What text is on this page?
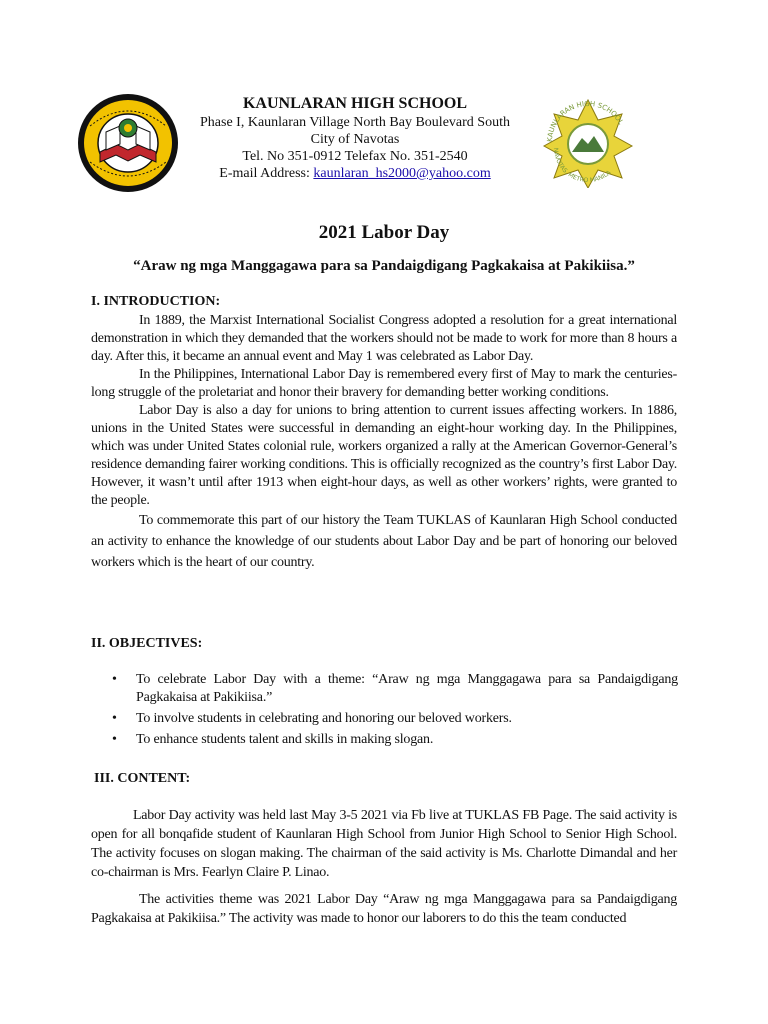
KAUNLARAN HIGH SCHOOL
Phase I, Kaunlaran Village North Bay Boulevard South
City of Navotas
Tel. No 351-0912 Telefax No. 351-2540
E-mail Address: kaunlaran_hs2000@yahoo.com
KAUNLARAN HIGH SCHOOL
NAVOTAS, METRO MANILA
2021 Labor Day
“Araw ng mga Manggagawa para sa Pandaigdigang Pagkakaisa at Pakikiisa.”
I. INTRODUCTION:

In 1889, the Marxist International Socialist Congress adopted a resolution for a great international demonstration in which they demanded that the workers should not be made to work for more than 8 hours a day. After this, it became an annual event and May 1 was celebrated as Labor Day.

In the Philippines, International Labor Day is remembered every first of May to mark the centuries-long struggle of the proletariat and honor their bravery for demanding better working conditions.

Labor Day is also a day for unions to bring attention to current issues affecting workers. In 1886, unions in the United States were successful in demanding an eight-hour working day. In the Philippines, which was under United States colonial rule, workers organized a rally at the American Governor-General’s residence demanding fairer working conditions. This is officially recognized as the country’s first Labor Day. However, it wasn’t until after 1913 when eight-hour days, as well as other workers’ rights, were granted to the people.

To commemorate this part of our history the Team TUKLAS of Kaunlaran High School conducted an activity to enhance the knowledge of our students about Labor Day and be part of honoring our beloved workers which is the heart of our country.

II. OBJECTIVES:
• To celebrate Labor Day with a theme: “Araw ng mga Manggagawa para sa Pandaigdigang Pagkakaisa at Pakikiisa.”
• To involve students in celebrating and honoring our beloved workers.
• To enhance students talent and skills in making slogan.
III. CONTENT:

Labor Day activity was held last May 3-5 2021 via Fb live at TUKLAS FB Page. The said activity is open for all bonqafide student of Kaunlaran High School from Junior High School to Senior High School. The activity focuses on slogan making. The chairman of the said activity is Ms. Charlotte Dimandal and her co-chairman is Mrs. Fearlyn Claire P. Linao.

The activities theme was 2021 Labor Day “Araw ng mga Manggagawa para sa Pandaigdigang Pagkakaisa at Pakikiisa.” The activity was made to honor our laborers to do this the team conducted
